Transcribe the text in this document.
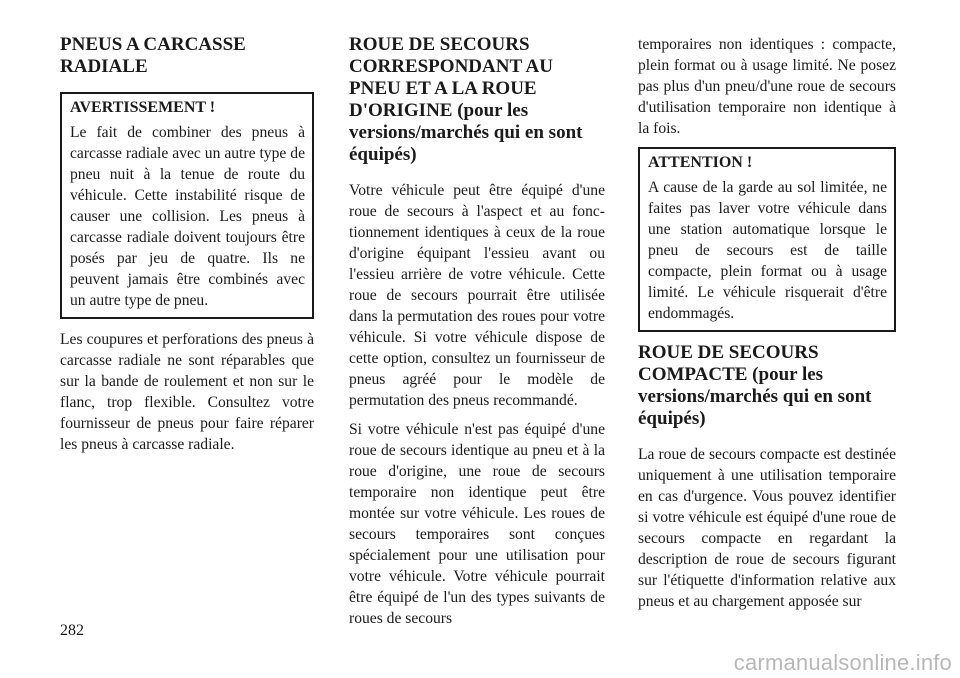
PNEUS A CARCASSE RADIALE
AVERTISSEMENT !

Le fait de combiner des pneus à carcasse radiale avec un autre type de pneu nuit à la tenue de route du véhicule. Cette instabilité risque de causer une collision. Les pneus à carcasse radiale doivent toujours être posés par jeu de quatre. Ils ne peuvent jamais être combinés avec un autre type de pneu.

Les coupures et perforations des pneus à carcasse radiale ne sont réparables que sur la bande de roulement et non sur le flanc, trop flexible. Consultez votre fournisseur de pneus pour faire réparer les pneus à carcasse radiale.

ROUE DE SECOURS CORRESPONDANT AU PNEU ET A LA ROUE D'ORIGINE (pour les versions/marchés qui en sont équipés)

Votre véhicule peut être équipé d'une roue de secours à l'aspect et au fonctionnement identiques à ceux de la roue d'origine équipant l'essieu avant ou l'essieu arrière de votre véhicule. Cette roue de secours pourrait être utilisée dans la permutation des roues pour votre véhicule. Si votre véhicule dispose de cette option, consultez un fournisseur de pneus agréé pour le modèle de permutation des pneus recommandé.

Si votre véhicule n'est pas équipé d'une roue de secours identique au pneu et à la roue d'origine, une roue de secours temporaire non identique peut être montée sur votre véhicule. Les roues de secours temporaires sont conçues spécialement pour une utilisation pour votre véhicule. Votre véhicule pourrait être équipé de l'un des types suivants de roues de secours

temporaires non identiques : compacte, plein format ou à usage limité. Ne posez pas plus d'un pneu/d'une roue de secours d'utilisation temporaire non identique à la fois.

ATTENTION !

A cause de la garde au sol limitée, ne faites pas laver votre véhicule dans une station automatique lorsque le pneu de secours est de taille compacte, plein format ou à usage limité. Le véhicule risquerait d'être endommagés.

ROUE DE SECOURS COMPACTE (pour les versions/marchés qui en sont équipés)

La roue de secours compacte est destinée uniquement à une utilisation temporaire en cas d'urgence. Vous pouvez identifier si votre véhicule est équipé d'une roue de secours compacte en regardant la description de roue de secours figurant sur l'étiquette d'information relative aux pneus et au chargement apposée sur

282
carmanualsonline.info
